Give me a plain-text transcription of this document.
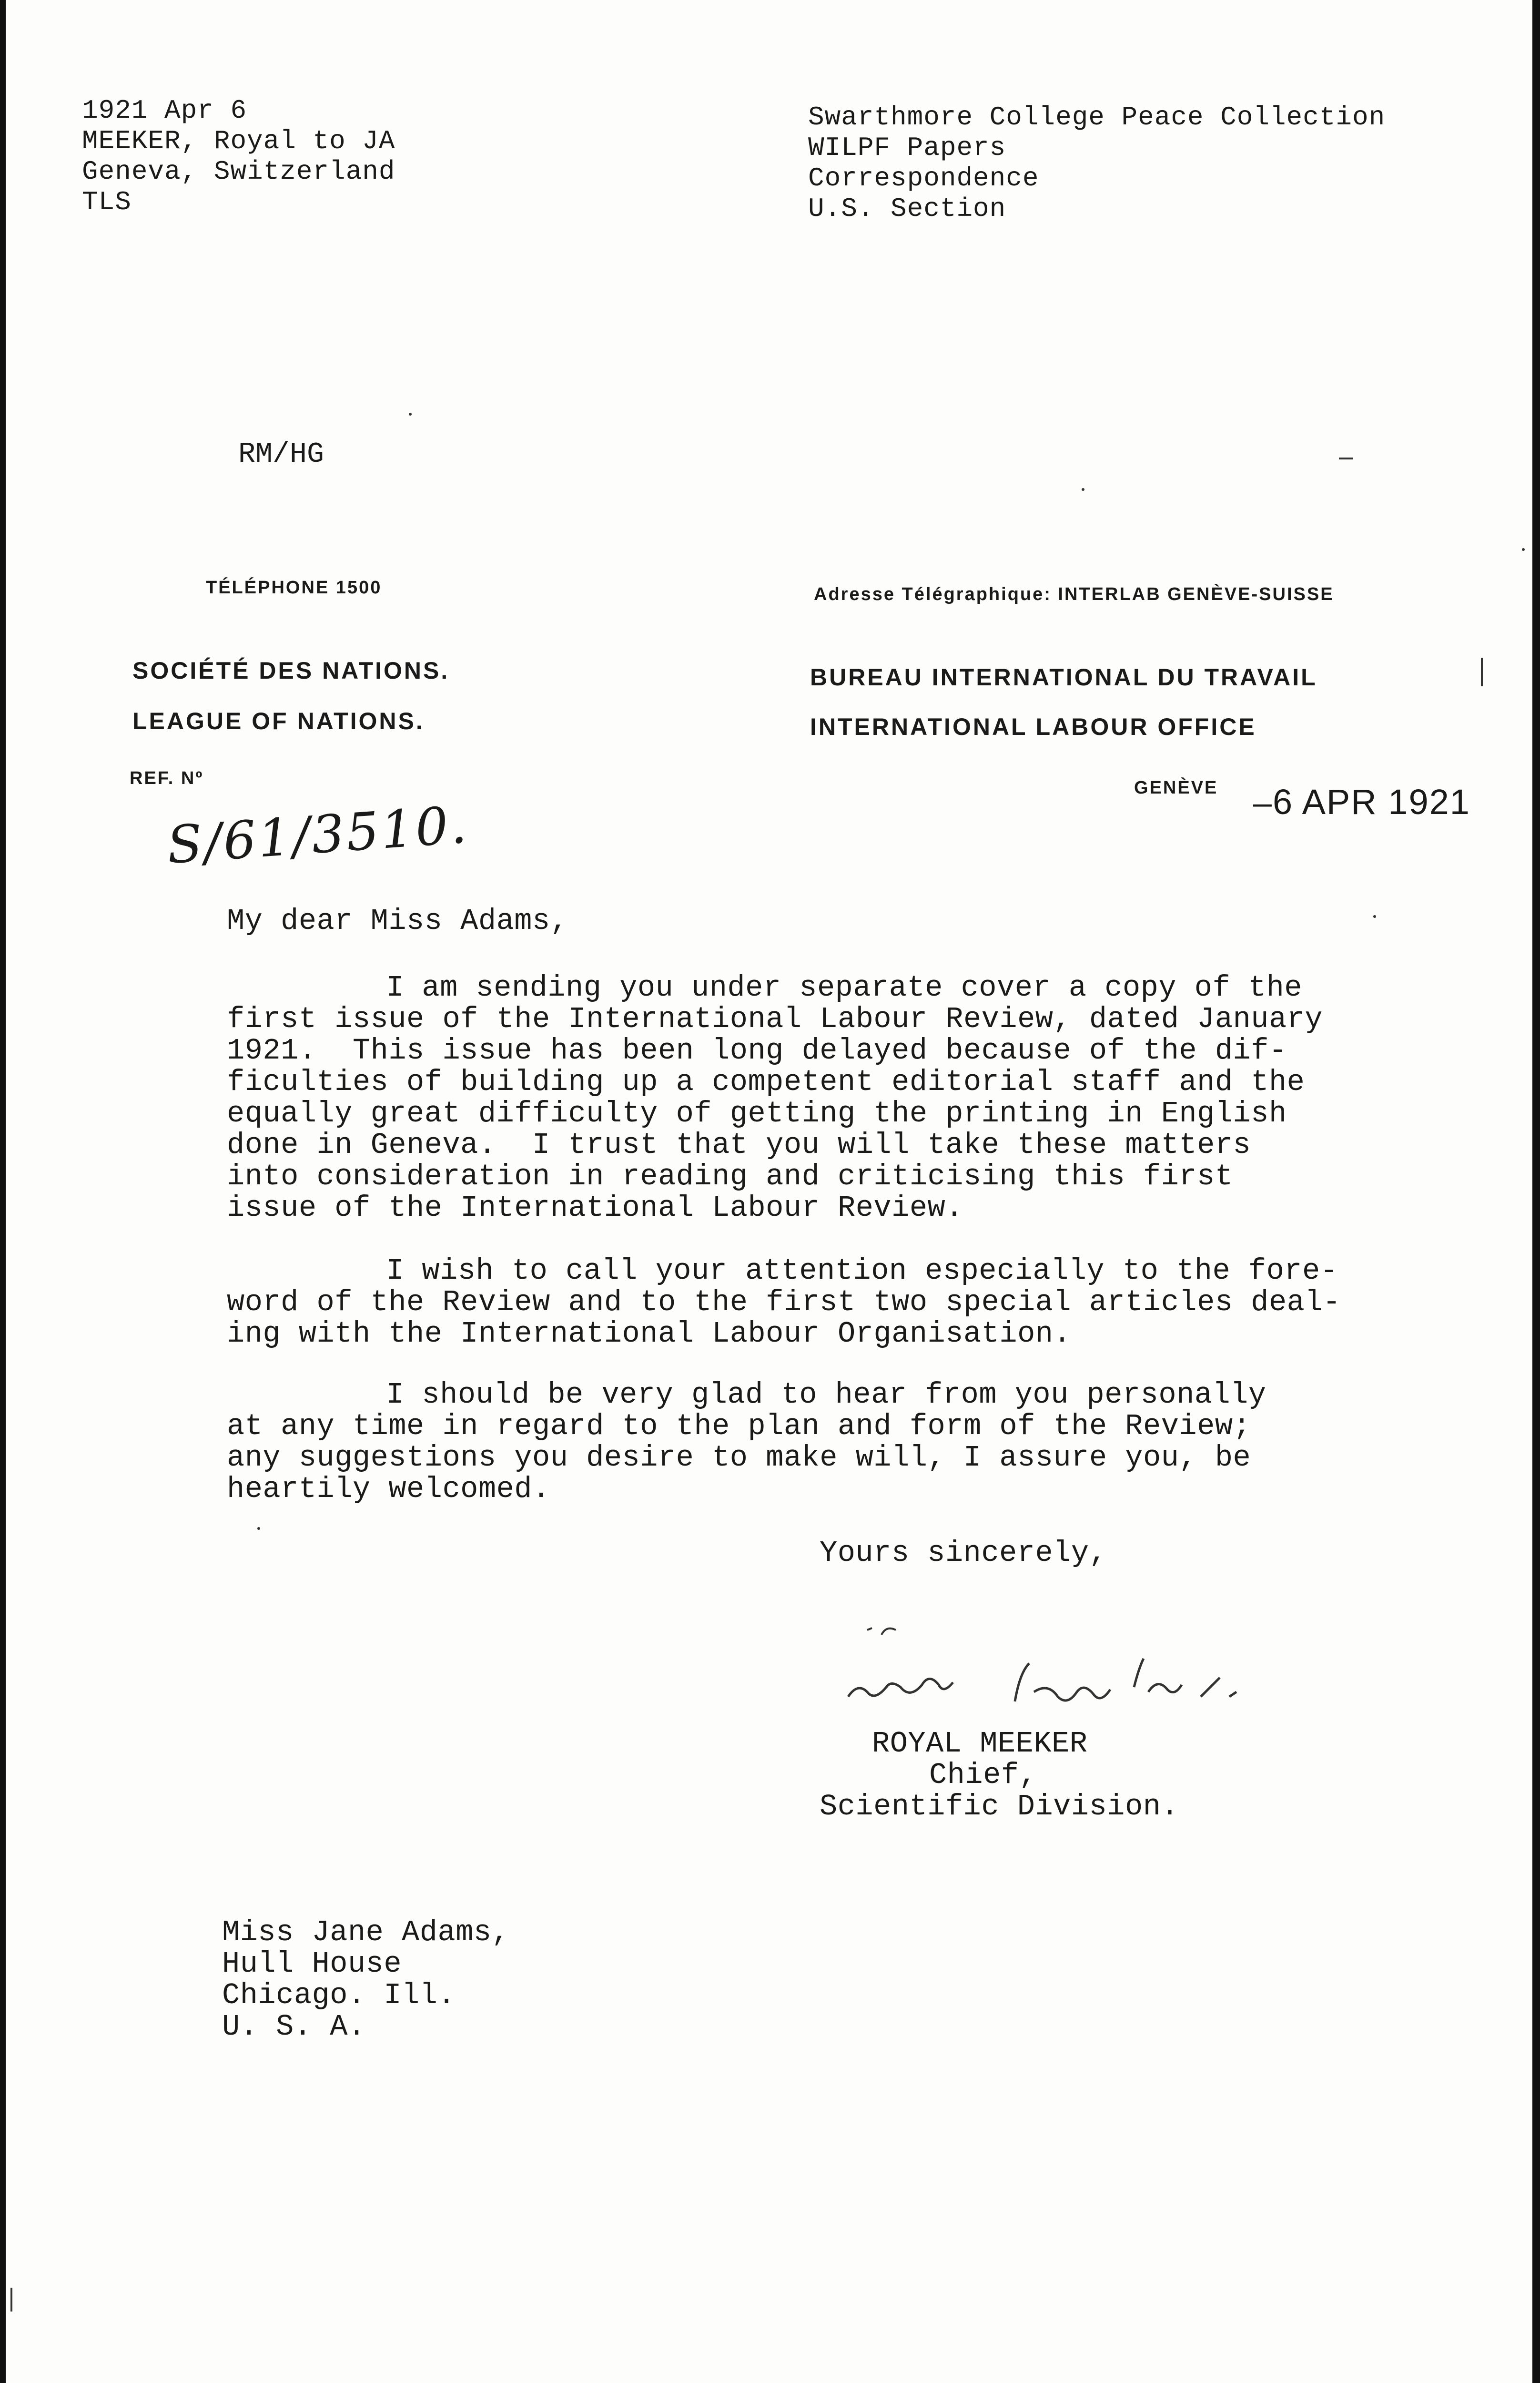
1921 Apr 6
MEEKER, Royal to JA
Geneva, Switzerland
TLS
Swarthmore College Peace Collection
WILPF Papers
Correspondence
U.S. Section
RM/HG
TÉLÉPHONE 1500	Adresse Télégraphique: INTERLAB GENÈVE-SUISSE
SOCIÉTÉ DES NATIONS.
LEAGUE OF NATIONS.
BUREAU INTERNATIONAL DU TRAVAIL
INTERNATIONAL LABOUR OFFICE
REF. Nº
S/61/3510.
GENÈVE –6 APR 1921
My dear Miss Adams,
I am sending you under separate cover a copy of the
first issue of the International Labour Review, dated January
1921.  This issue has been long delayed because of the dif-
ficulties of building up a competent editorial staff and the
equally great difficulty of getting the printing in English
done in Geneva.  I trust that you will take these matters
into consideration in reading and criticising this first
issue of the International Labour Review.
I wish to call your attention especially to the fore-
word of the Review and to the first two special articles deal-
ing with the International Labour Organisation.
I should be very glad to hear from you personally
at any time in regard to the plan and form of the Review;
any suggestions you desire to make will, I assure you, be
heartily welcomed.
Yours sincerely,
ROYAL MEEKER
Chief,
Scientific Division.
Miss Jane Adams,
Hull House
Chicago. Ill.
U. S. A.
